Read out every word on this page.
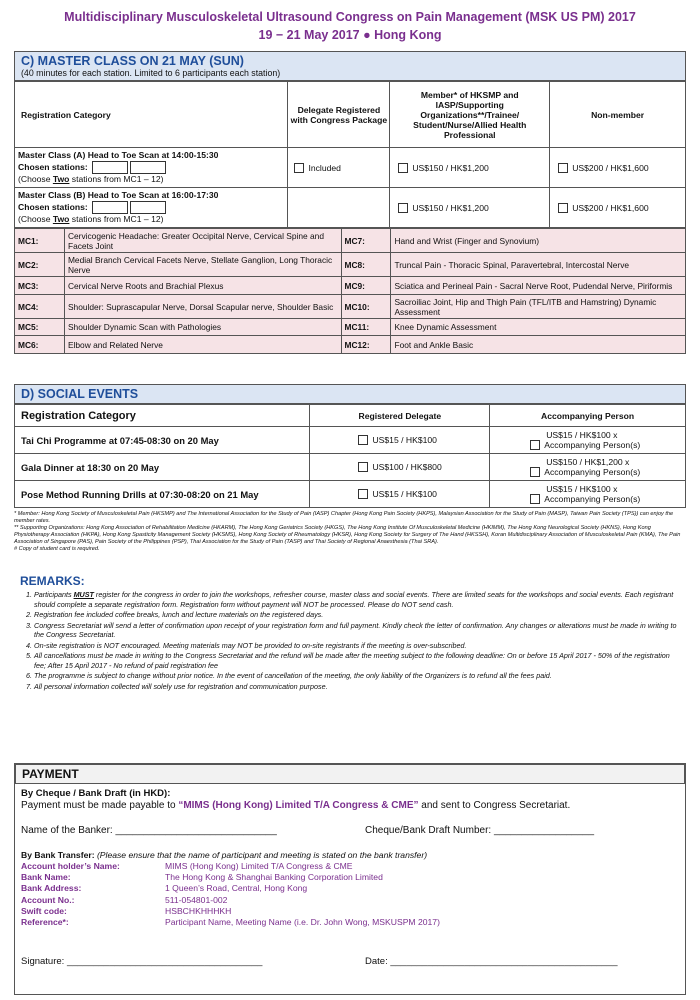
Multidisciplinary Musculoskeletal Ultrasound Congress on Pain Management (MSK US PM) 2017
19 − 21 May 2017 ● Hong Kong
C) MASTER CLASS ON 21 MAY (SUN)
(40 minutes for each station. Limited to 6 participants each station)
Registration Category	Delegate Registered with Congress Package	Member* of HKSMP and IASP/Supporting Organizations**/Trainee/ Student/Nurse/Allied Health Professional	Non-member

Master Class (A) Head to Toe Scan at 14:00-15:30
Chosen stations:
(Choose Two stations from MC1 – 12)	Included	US$150 / HK$1,200	US$200 / HK$1,600

Master Class (B) Head to Toe Scan at 16:00-17:30
Chosen stations:
(Choose Two stations from MC1 – 12)		US$150 / HK$1,200	US$200 / HK$1,600
MC1:	Cervicogenic Headache: Greater Occipital Nerve, Cervical Spine and Facets Joint	MC7:	Hand and Wrist (Finger and Synovium)
MC2:	Medial Branch Cervical Facets Nerve, Stellate Ganglion, Long Thoracic Nerve	MC8:	Truncal Pain - Thoracic Spinal, Paravertebral, Intercostal Nerve
MC3:	Cervical Nerve Roots and Brachial Plexus	MC9:	Sciatica and Perineal Pain - Sacral Nerve Root, Pudendal Nerve, Piriformis
MC4:	Shoulder: Suprascapular Nerve, Dorsal Scapular nerve, Shoulder Basic	MC10:	Sacroiliac Joint, Hip and Thigh Pain (TFL/ITB and Hamstring) Dynamic Assessment
MC5:	Shoulder Dynamic Scan with Pathologies	MC11:	Knee Dynamic Assessment
MC6:	Elbow and Related Nerve	MC12:	Foot and Ankle Basic
D) SOCIAL EVENTS
Registration Category	Registered Delegate	Accompanying Person
Tai Chi Programme at 07:45-08:30 on 20 May	US$15 / HK$100	US$15 / HK$100 x
Accompanying Person(s)

Gala Dinner at 18:30 on 20 May	US$100 / HK$800	US$150 / HK$1,200 x
Accompanying Person(s)

Pose Method Running Drills at 07:30-08:20 on 21 May	US$15 / HK$100	US$15 / HK$100 x
Accompanying Person(s)
* Member: Hong Kong Society of Musculoskeletal Pain (HKSMP) and The International Association for the Study of Pain (IASP) Chapter (Hong Kong Pain Society (HKPS), Malaysian Association for the Study of Pain (MASP), Taiwan Pain Society (TPS)) can enjoy the member rates.
** Supporting Organizations: Hong Kong Association of Rehabilitation Medicine (HKARM), The Hong Kong Geriatrics Society (HKGS), The Hong Kong Institute Of Musculoskeletal Medicine (HKIMM), The Hong Kong Neurological Society (HKNS), Hong Kong Physiotherapy Association (HKPA), Hong Kong Spasticity Management Society (HKSMS), Hong Kong Society of Rheumatology (HKSR), Hong Kong Society for Surgery of The Hand (HKSSH), Koran Multidisciplinary Association of Musculoskeletal Pain (KMA), The Pain Association of Singapore (PAS), Pain Society of the Philippines (PSP), Thai Association for the Study of Pain (TASP) and Thai Society of Regional Anaesthesia (Thai SRA).
# Copy of student card is required.
REMARKS:
1. Participants MUST register for the congress in order to join the workshops, refresher course, master class and social events. There are limited seats for the workshops and social events. Each registrant should complete a separate registration form. Registration form without payment will NOT be processed. Please do NOT send cash.
2. Registration fee included coffee breaks, lunch and lecture materials on the registered days.
3. Congress Secretariat will send a letter of confirmation upon receipt of your registration form and full payment. Kindly check the letter of confirmation. Any changes or alterations must be made in writing to the Congress Secretariat.
4. On-site registration is NOT encouraged. Meeting materials may NOT be provided to on-site registrants if the meeting is over-subscribed.
5. All cancellations must be made in writing to the Congress Secretariat and the refund will be made after the meeting subject to the following deadline: On or before 15 April 2017 - 50% of the registration fee; After 15 April 2017 - No refund of paid registration fee
6. The programme is subject to change without prior notice. In the event of cancellation of the meeting, the only liability of the Organizers is to refund all the fees paid.
7. All personal information collected will solely use for registration and communication purpose.
PAYMENT
By Cheque / Bank Draft (in HKD):
Payment must be made payable to “MIMS (Hong Kong) Limited T/A Congress & CME” and sent to Congress Secretariat.
Name of the Banker: _____________________________	Cheque/Bank Draft Number: __________________
By Bank Transfer: (Please ensure that the name of participant and meeting is stated on the bank transfer)
Account holder’s Name:	MIMS (Hong Kong) Limited T/A Congress & CME
Bank Name:	The Hong Kong & Shanghai Banking Corporation Limited
Bank Address:	1 Queen’s Road, Central, Hong Kong
Account No.:	511-054801-002
Swift code:	HSBCHKHHHKH
Reference*:	Participant Name, Meeting Name (i.e. Dr. John Wong, MSKUSPM 2017)
Signature: _____________________________________	Date: ___________________________________________
